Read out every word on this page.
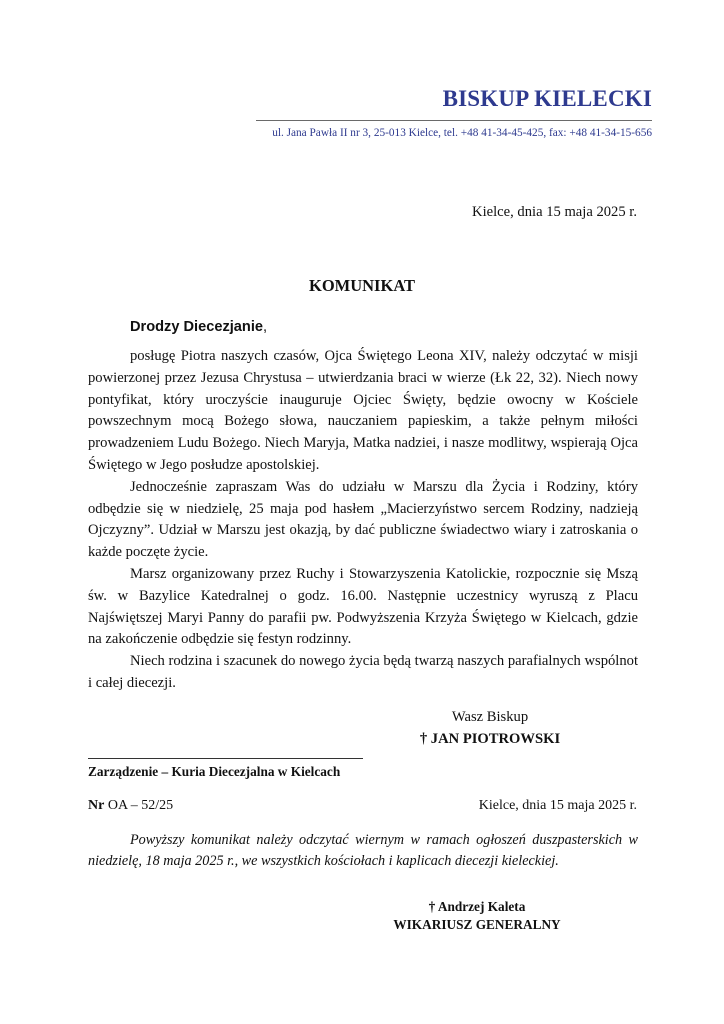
BISKUP KIELECKI
ul. Jana Pawła II nr 3, 25-013 Kielce, tel. +48 41-34-45-425, fax: +48 41-34-15-656
Kielce, dnia 15 maja 2025 r.
KOMUNIKAT
Drodzy Diecezjanie,

posługę Piotra naszych czasów, Ojca Świętego Leona XIV, należy odczytać w misji powierzonej przez Jezusa Chrystusa – utwierdzania braci w wierze (Łk 22, 32). Niech nowy pontyfikat, który uroczyście inauguruje Ojciec Święty, będzie owocny w Kościele powszechnym mocą Bożego słowa, nauczaniem papieskim, a także pełnym miłości prowadzeniem Ludu Bożego. Niech Maryja, Matka nadziei, i nasze modlitwy, wspierają Ojca Świętego w Jego posłudze apostolskiej.

Jednocześnie zapraszam Was do udziału w Marszu dla Życia i Rodziny, który odbędzie się w niedzielę, 25 maja pod hasłem „Macierzyństwo sercem Rodziny, nadzieją Ojczyzny”. Udział w Marszu jest okazją, by dać publiczne świadectwo wiary i zatroskania o każde poczęte życie.

Marsz organizowany przez Ruchy i Stowarzyszenia Katolickie, rozpocznie się Mszą św. w Bazylice Katedralnej o godz. 16.00. Następnie uczestnicy wyruszą z Placu Najświętszej Maryi Panny do parafii pw. Podwyższenia Krzyża Świętego w Kielcach, gdzie na zakończenie odbędzie się festyn rodzinny.

Niech rodzina i szacunek do nowego życia będą twarzą naszych parafialnych wspólnot i całej diecezji.

Wasz Biskup
† JAN PIOTROWSKI
Zarządzenie – Kuria Diecezjalna w Kielcach
Nr OA – 52/25	Kielce, dnia 15 maja 2025 r.

Powyższy komunikat należy odczytać wiernym w ramach ogłoszeń duszpasterskich w niedzielę, 18 maja 2025 r., we wszystkich kościołach i kaplicach diecezji kieleckiej.

† Andrzej Kaleta
WIKARIUSZ GENERALNY
